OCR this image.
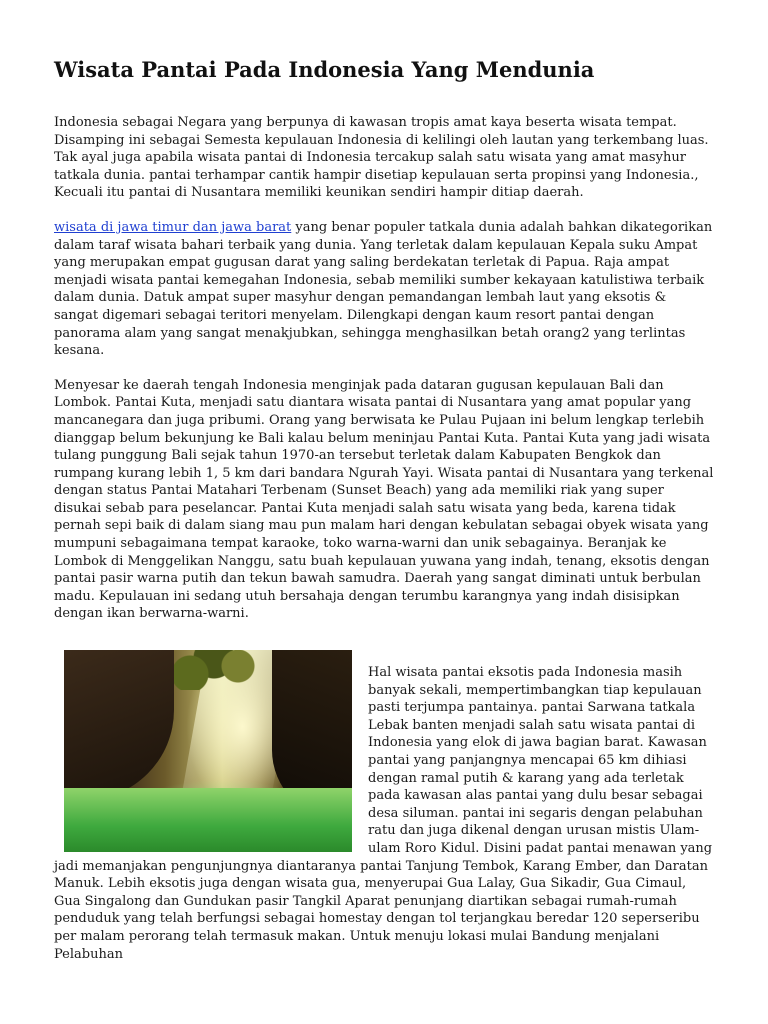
Wisata Pantai Pada Indonesia Yang Mendunia

Indonesia sebagai Negara yang berpunya di kawasan tropis amat kaya beserta wisata tempat. Disamping ini sebagai Semesta kepulauan Indonesia di kelilingi oleh lautan yang terkembang luas. Tak ayal juga apabila wisata pantai di Indonesia tercakup salah satu wisata yang amat masyhur tatkala dunia. pantai terhampar cantik hampir disetiap kepulauan serta propinsi yang Indonesia., Kecuali itu pantai di Nusantara memiliki keunikan sendiri hampir ditiap daerah.

wisata di jawa timur dan jawa barat yang benar populer tatkala dunia adalah bahkan dikategorikan dalam taraf wisata bahari terbaik yang dunia. Yang terletak dalam kepulauan Kepala suku Ampat yang merupakan empat gugusan darat yang saling berdekatan terletak di Papua. Raja ampat menjadi wisata pantai kemegahan Indonesia, sebab memiliki sumber kekayaan katulistiwa terbaik dalam dunia. Datuk ampat super masyhur dengan pemandangan lembah laut yang eksotis & sangat digemari sebagai teritori menyelam. Dilengkapi dengan kaum resort pantai dengan panorama alam yang sangat menakjubkan, sehingga menghasilkan betah orang2 yang terlintas kesana.

Menyesar ke daerah tengah Indonesia menginjak pada dataran gugusan kepulauan Bali dan Lombok. Pantai Kuta, menjadi satu diantara wisata pantai di Nusantara yang amat popular yang mancanegara dan juga pribumi. Orang yang berwisata ke Pulau Pujaan ini belum lengkap terlebih dianggap belum bekunjung ke Bali kalau belum meninjau Pantai Kuta. Pantai Kuta yang jadi wisata tulang punggung Bali sejak tahun 1970-an tersebut terletak dalam Kabupaten Bengkok dan rumpang kurang lebih 1, 5 km dari bandara Ngurah Yayi. Wisata pantai di Nusantara yang terkenal dengan status Pantai Matahari Terbenam (Sunset Beach) yang ada memiliki riak yang super disukai sebab para peselancar. Pantai Kuta menjadi salah satu wisata yang beda, karena tidak pernah sepi baik di dalam siang mau pun malam hari dengan kebulatan sebagai obyek wisata yang mumpuni sebagaimana tempat karaoke, toko warna-warni dan unik sebagainya. Beranjak ke Lombok di Menggelikan Nanggu, satu buah kepulauan yuwana yang indah, tenang, eksotis dengan pantai pasir warna putih dan tekun bawah samudra. Daerah yang sangat diminati untuk berbulan madu. Kepulauan ini sedang utuh bersahaja dengan terumbu karangnya yang indah disisipkan dengan ikan berwarna-warni.

Hal wisata pantai eksotis pada Indonesia masih banyak sekali, mempertimbangkan tiap kepulauan pasti terjumpa pantainya. pantai Sarwana tatkala Lebak banten menjadi salah satu wisata pantai di Indonesia yang elok di jawa bagian barat. Kawasan pantai yang panjangnya mencapai 65 km dihiasi dengan ramal putih & karang yang ada terletak pada kawasan alas pantai yang dulu besar sebagai desa siluman. pantai ini segaris dengan pelabuhan ratu dan juga dikenal dengan urusan mistis Ulam-ulam Roro Kidul. Disini padat pantai menawan yang jadi memanjakan pengunjungnya diantaranya pantai Tanjung Tembok, Karang Ember, dan Daratan Manuk. Lebih eksotis juga dengan wisata gua, menyerupai Gua Lalay, Gua Sikadir, Gua Cimaul, Gua Singalong dan Gundukan pasir Tangkil Aparat penunjang diartikan sebagai rumah-rumah penduduk yang telah berfungsi sebagai homestay dengan tol terjangkau beredar 120 seperseribu per malam perorang telah termasuk makan. Untuk menuju lokasi mulai Bandung menjalani Pelabuhan
